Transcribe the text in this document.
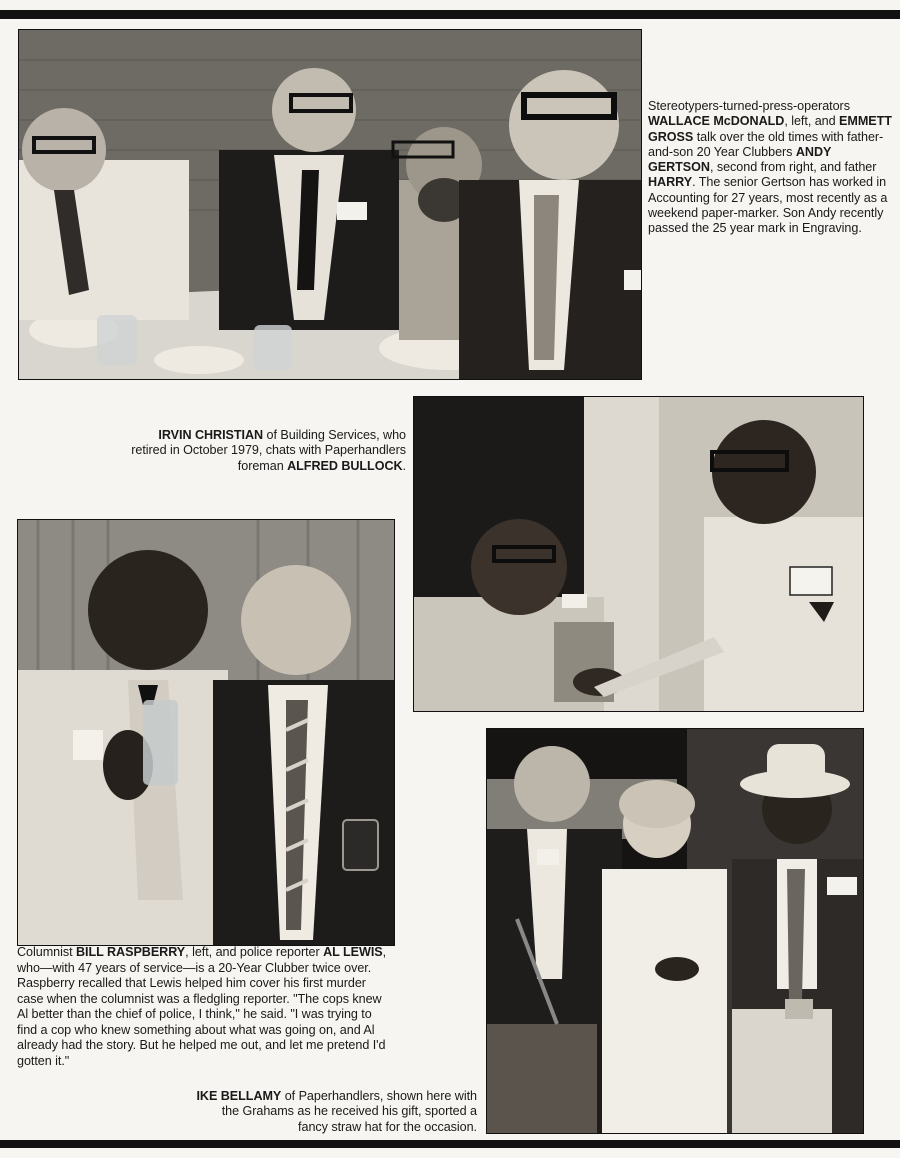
Stereotypers-turned-press-operators WALLACE McDONALD, left, and EMMETT GROSS talk over the old times with father-and-son 20 Year Clubbers ANDY GERTSON, second from right, and father HARRY. The senior Gertson has worked in Accounting for 27 years, most recently as a weekend paper-marker. Son Andy recently passed the 25 year mark in Engraving.
IRVIN CHRISTIAN of Building Services, who retired in October 1979, chats with Paperhandlers foreman ALFRED BULLOCK.
Columnist BILL RASPBERRY, left, and police reporter AL LEWIS, who—with 47 years of service—is a 20-Year Clubber twice over. Raspberry recalled that Lewis helped him cover his first murder case when the columnist was a fledgling reporter. "The cops knew Al better than the chief of police, I think," he said. "I was trying to find a cop who knew something about what was going on, and Al already had the story. But he helped me out, and let me pretend I'd gotten it."
IKE BELLAMY of Paperhandlers, shown here with the Grahams as he received his gift, sported a fancy straw hat for the occasion.
